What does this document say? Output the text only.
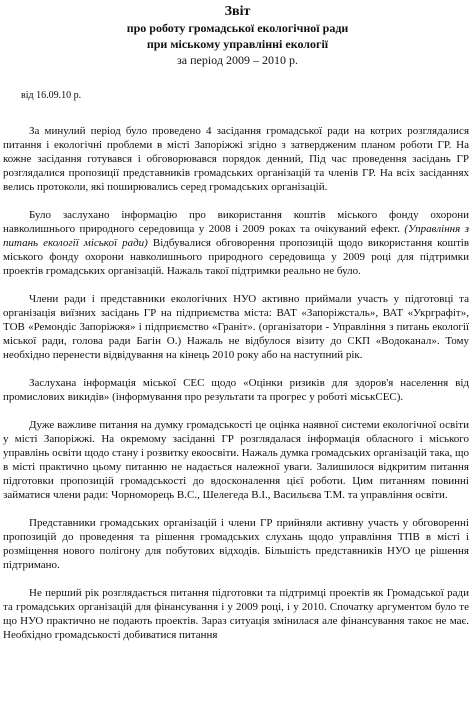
Звіт
про роботу громадської екологічної ради
при міському управлінні екології
за період 2009 – 2010 р.
від 16.09.10 р.

За минулий період було проведено 4 засідання громадської ради на котрих розглядалися питання і екологічні проблеми в місті Запоріжжі згідно з затвердженим планом роботи ГР. На кожне засідання готувався і обговорювався порядок денний, Під час проведення засідань ГР розглядалися пропозиції представників громадських організацій та членів ГР. На всіх засіданнях велись протоколи, які поширювались серед громадських організацій.

Було заслухано інформацію про використання коштів міського фонду охорони навколишнього природного середовища у 2008 і 2009 роках та очікуваний ефект. (Управління з питань екології міської ради) Відбувалися обговорення пропозицій щодо використання коштів міського фонду охорони навколишнього природного середовища у 2009 році для підтримки проектів громадських організацій. Нажаль такої підтримки реально не було.

Члени ради і представники екологічних НУО активно приймали участь у підготовці та організація виїзних засідань ГР на підприємства міста: ВАТ «Запоріжсталь», ВАТ «Укрграфіт», ТОВ «Ремондіс Запоріжжя» і підприємство «Граніт». (організатори - Управління з питань екології міської ради, голова ради Багін О.) Нажаль не відбулося візиту до СКП «Водоканал». Тому необхідно перенести відвідування на кінець 2010 року або на наступний рік.

Заслухана інформація міської СЕС щодо «Оцінки ризиків для здоров'я населення від промислових викидів» (інформування про результати та прогрес у роботі міськСЕС).

Дуже важливе питання на думку громадськості це оцінка наявної системи екологічної освіти у місті Запоріжжі. На окремому засіданні ГР розглядалася інформація обласного і міського управлінь освіти щодо стану і розвитку екоосвіти. Нажаль думка громадських організацій така, що в місті практично цьому питанню не надається належної уваги. Залишилося відкритим питання підготовки пропозицій громадськості до вдосконалення цієї роботи. Цим питанням повинні займатися члени ради: Чорноморець В.С., Шелегеда В.І., Васильєва Т.М. та управління освіти.

Представники громадських організацій і члени ГР прийняли активну участь у обговоренні пропозицій до проведення та рішення громадських слухань щодо управління ТПВ в місті і розміщення нового полігону для побутових відходів. Більшість представників НУО це рішення підтримано.

Не перший рік розглядається питання підготовки та підтримці проектів як Громадської ради та громадських організацій для фінансування і у 2009 році, і у 2010. Спочатку аргументом було те що НУО практично не подають проектів. Зараз ситуація змінилася але фінансування такоє не має. Необхідно громадськості добиватися питання
